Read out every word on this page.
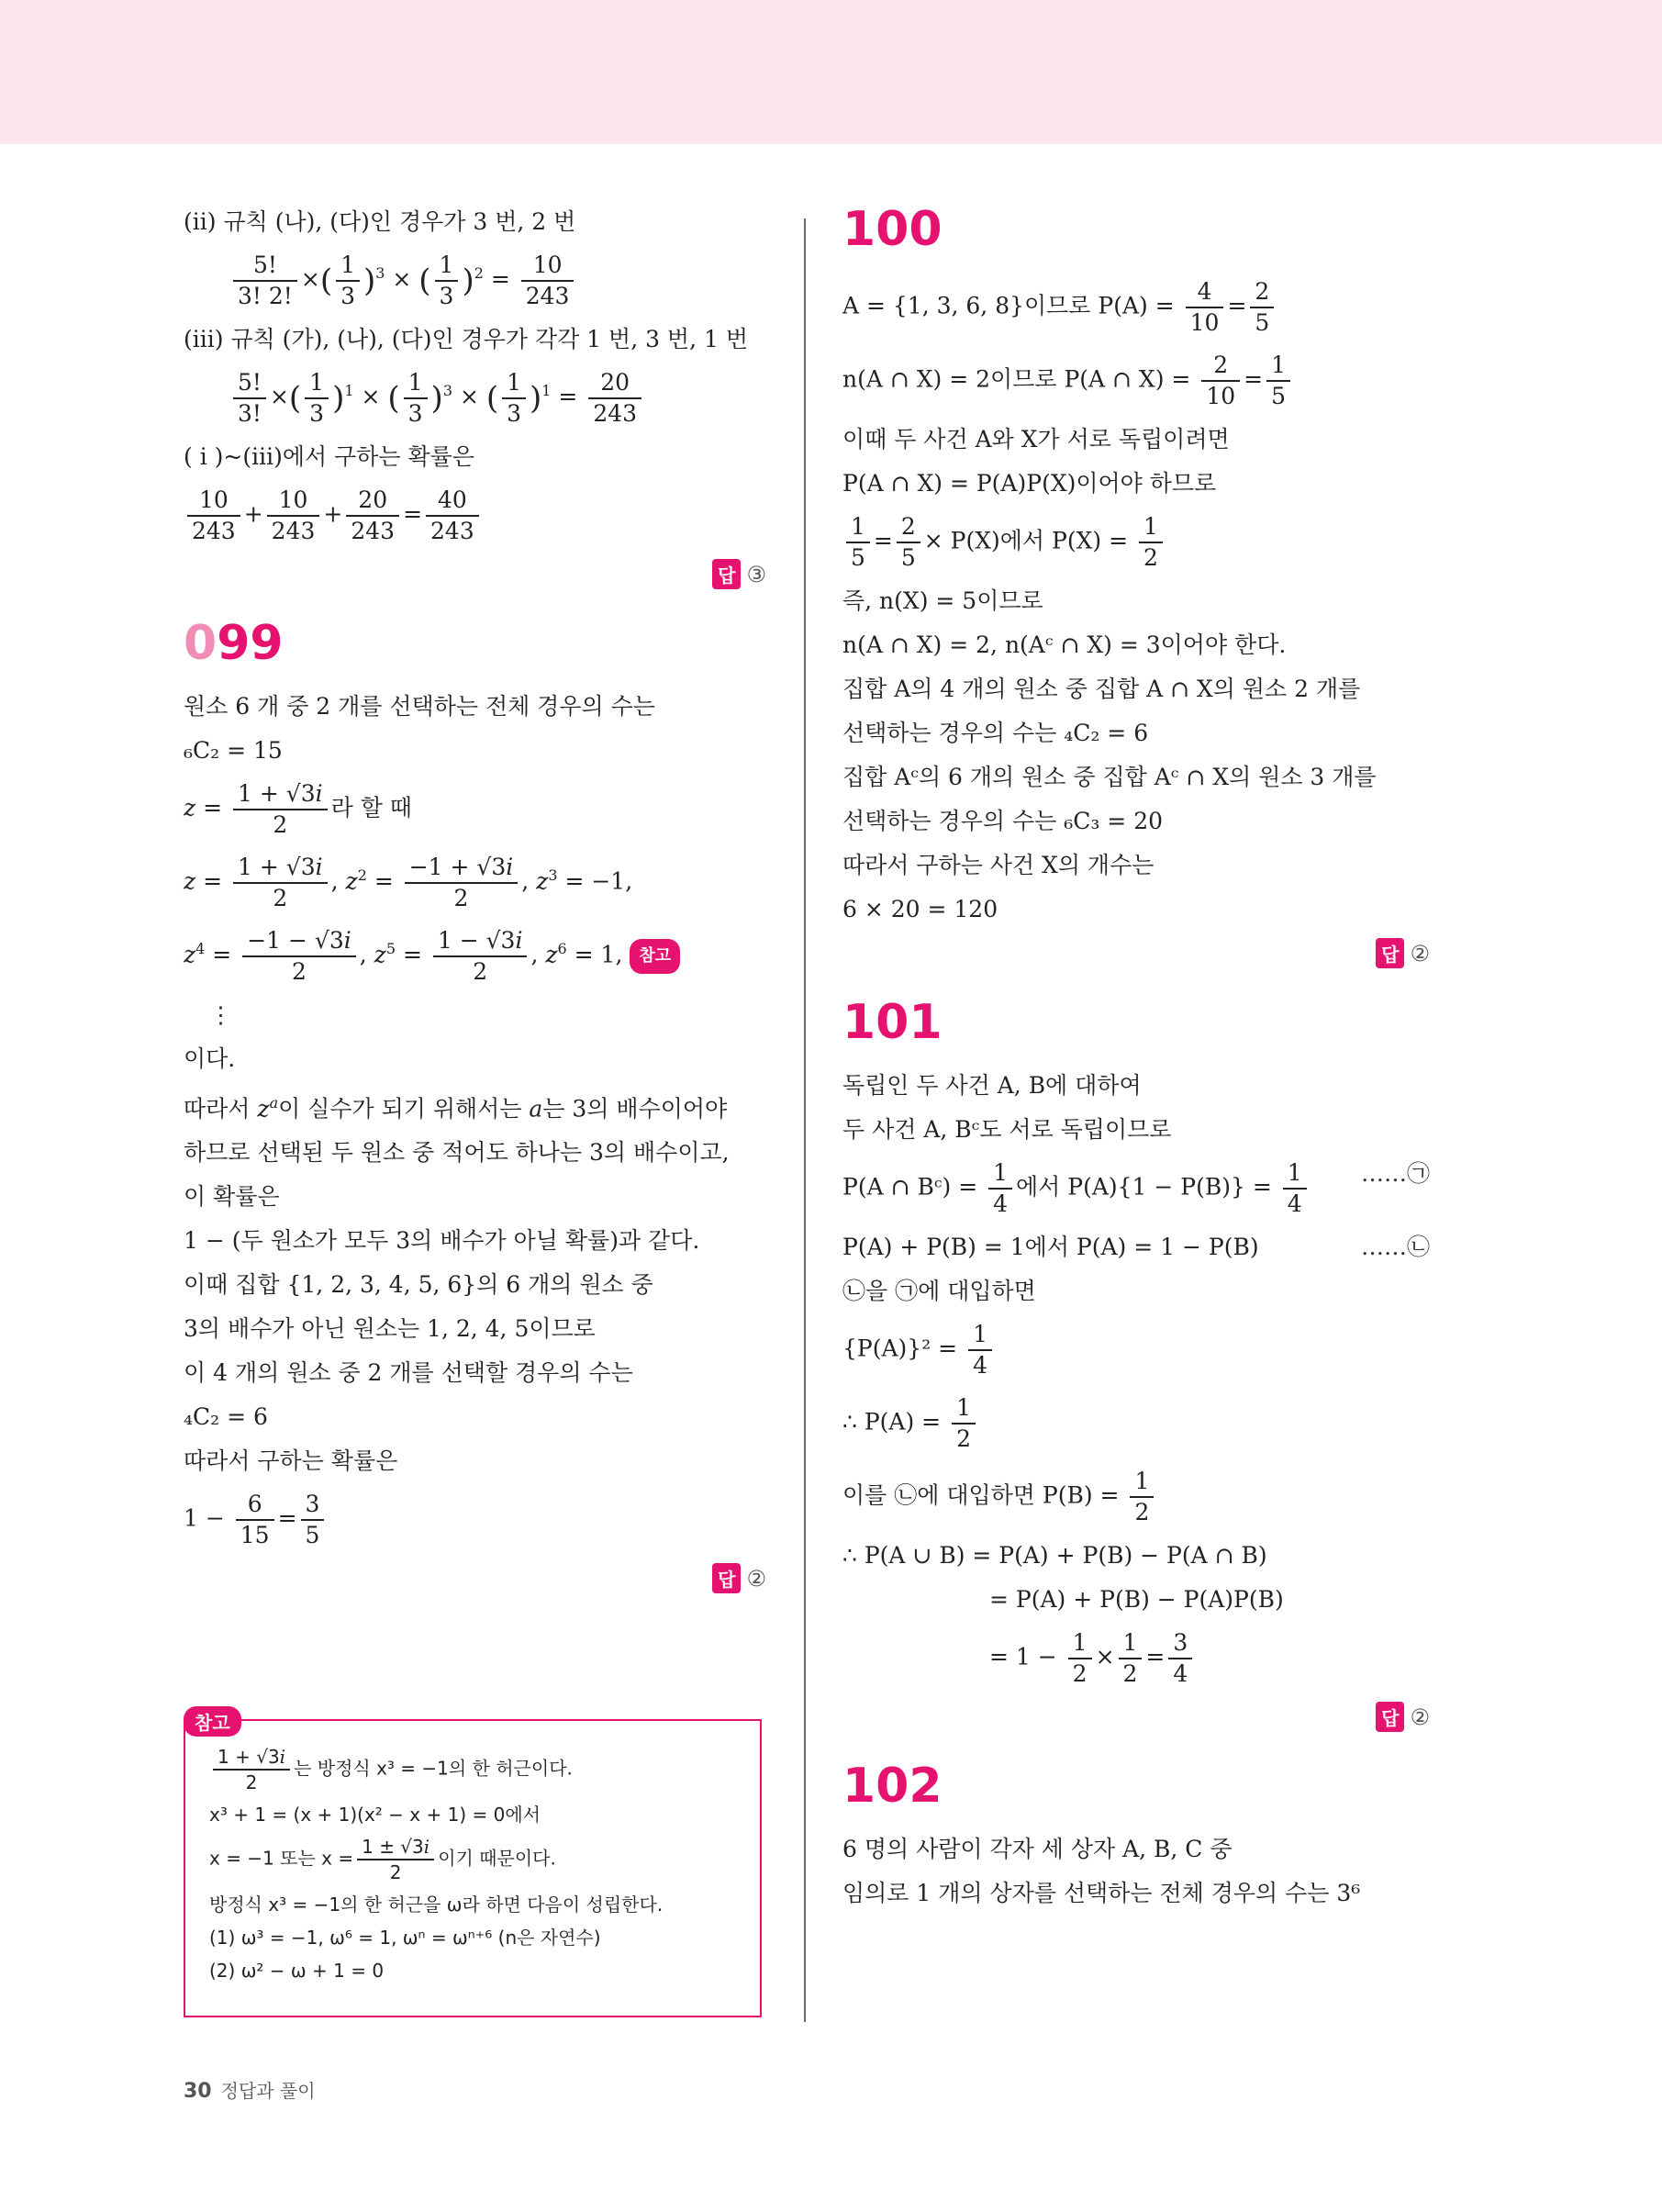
(ii) 규칙 (나), (다)인 경우가 3 번, 2 번
$\frac{5!}{3! 2!}$ ×( $\frac{1}{3} )^3$ × ( $\frac{1}{3} )^2 = \frac{10}{243}$
(iii) 규칙 (가), (나), (다)인 경우가 각각 1 번, 3 번, 1 번
$\frac{5!}{3!}$ ×( $\frac{1}{3} )^1$ × ( $\frac{1}{3} )^3$ × ( $\frac{1}{3} )^1 = \frac{20}{243}$
( i )~(iii)에서 구하는 확률은
$\frac{10}{243} + \frac{10}{243} + \frac{20}{243} = \frac{40}{243}$
답 ③
099
원소 6 개 중 2 개를 선택하는 전체 경우의 수는
₆C₂ = 15
$z = \frac{1 + √3i}{2}$ 라 할 때
$z = \frac{1 + √3i}{2}$ , $z^2 = \frac{-1 + √3i}{2}$ , $z^3 = -1$,
$z^4 = \frac{-1 - √3i}{2}$ , $z^5 = \frac{1 - √3i}{2}$ , $z^6 = 1$, 참고
⋮
이다.
따라서 $z^a$이 실수가 되기 위해서는 a는 3의 배수이어야
하므로 선택된 두 원소 중 적어도 하나는 3의 배수이고,
이 확률은
1 − (두 원소가 모두 3의 배수가 아닐 확률)과 같다.
이때 집합 {1, 2, 3, 4, 5, 6}의 6 개의 원소 중
3의 배수가 아닌 원소는 1, 2, 4, 5이므로
이 4 개의 원소 중 2 개를 선택할 경우의 수는
₄C₂ = 6
따라서 구하는 확률은
$1 - \frac{6}{15} = \frac{3}{5}$
답 ②
참고
$\frac{1 + √3i}{2}$ 는 방정식 x³ = −1의 한 허근이다.
x³ + 1 = (x + 1)(x² − x + 1) = 0에서
x = −1 또는 $x = \frac{1 \pm √3i}{2}$ 이기 때문이다.
방정식 x³ = −1의 한 허근을 ω라 하면 다음이 성립한다.
(1) ω³ = −1, ω⁶ = 1, ωⁿ = ωⁿ⁺⁶ (n은 자연수)
(2) ω² − ω + 1 = 0
100
A = {1, 3, 6, 8}이므로 $P(A) = \frac{4}{10} = \frac{2}{5}$
n(A ∩ X) = 2이므로 P(A ∩ $X) = \frac{2}{10} = \frac{1}{5}$
이때 두 사건 A와 X가 서로 독립이려면
P(A ∩ X) = P(A)P(X)이어야 하므로
$\frac{1}{5} = \frac{2}{5} \times P(X)$에서 $P(X) = \frac{1}{2}$
즉, n(X) = 5이므로
n(A ∩ X) = 2, n(Aᶜ ∩ X) = 3이어야 한다.
집합 A의 4 개의 원소 중 집합 A ∩ X의 원소 2 개를
선택하는 경우의 수는 ₄C₂ = 6
집합 Aᶜ의 6 개의 원소 중 집합 Aᶜ ∩ X의 원소 3 개를
선택하는 경우의 수는 ₆C₃ = 20
따라서 구하는 사건 X의 개수는
6 × 20 = 120
답 ②
101
독립인 두 사건 A, B에 대하여
두 사건 A, Bᶜ도 서로 독립이므로
P(A ∩ Bᶜ) = $\frac{1}{4}$ 에서 $P(A)\{1 - P(B)\} = \frac{1}{4}$ ……㉠
P(A) + P(B) = 1에서 P(A) = 1 − P(B)	……㉡
㉡을 ㉠에 대입하면
$\{P(A)\}^2 = \frac{1}{4}$
∴ $P(A) = \frac{1}{2}$
이를 ㉡에 대입하면 $P(B) = \frac{1}{2}$
∴ P(A ∪ B) = P(A) + P(B) − P(A ∩ B)
= P(A) + P(B) − P(A)P(B)
= $1 - \frac{1}{2} \times \frac{1}{2} = \frac{3}{4}$
답 ②
102
6 명의 사람이 각자 세 상자 A, B, C 중
임의로 1 개의 상자를 선택하는 전체 경우의 수는 3⁶
30 정답과 풀이
